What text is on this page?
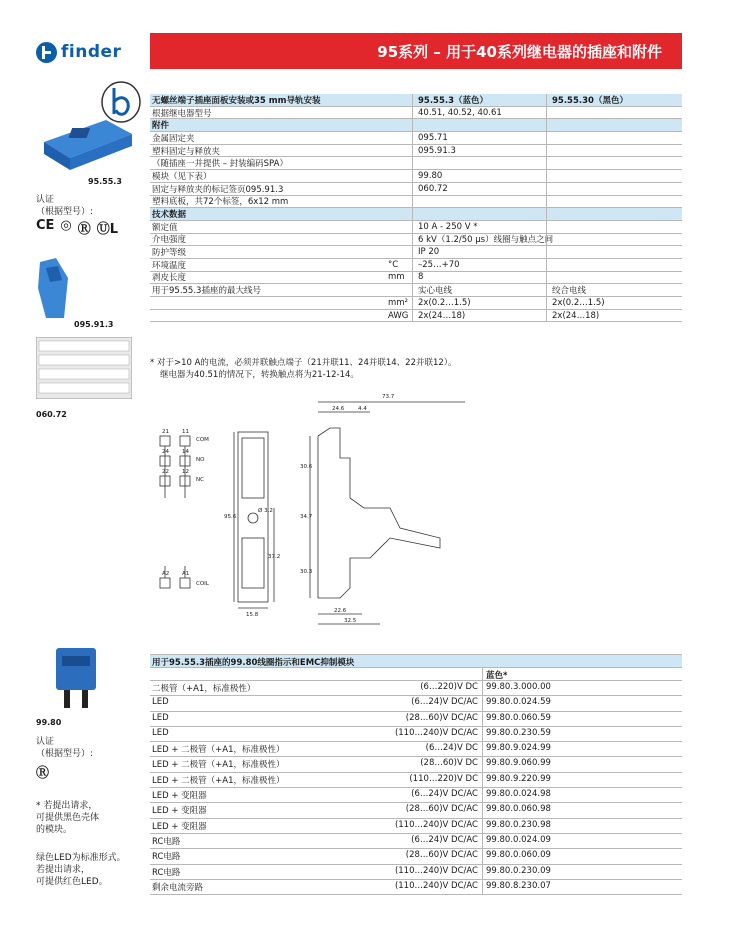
finder	95系列 – 用于40系列继电器的插座和附件
95.55.3
认证
（根据型号）:
CE ◎ Ⓡ ⓊL
095.91.3
060.72
99.80
认证
（根据型号）:
Ⓡ
* 若提出请求，
可提供黑色壳体
的模块。
绿色LED为标准形式。
若提出请求，
可提供红色LED。
无螺丝端子插座面板安装或35 mm导轨安装	95.55.3（蓝色）	95.55.30（黑色）
根据继电器型号	40.51, 40.52, 40.61
附件
金属固定夹	095.71
塑料固定与释放夹	095.91.3
（随插座一并提供 – 封装编码SPA）
模块（见下表）	99.80
固定与释放夹的标记签页095.91.3	060.72
塑料底板，共72个标签，6x12 mm
技术数据
额定值	10 A - 250 V *
介电强度	6 kV（1.2/50 μs）线圈与触点之间
防护等级	IP 20
环境温度	°C –25…+70
剥皮长度	mm 8
用于95.55.3插座的最大线号	实心电线	绞合电线
mm² 2x(0.2…1.5)	2x(0.2…1.5)
AWG 2x(24…18)	2x(24…18)
* 对于>10 A的电流，必须并联触点端子（21并联11、24并联14、22并联12）。
继电器为40.51的情况下，转换触点将为21-12-14。
21 11
COM
24 14
NO
22 12
NC
A2 A1
COIL
73.7
24.6	4.4
30.6
34.7
30.3
22.6
32.5
95.6
37.2
15.8
Ø 3.2
用于95.55.3插座的99.80线圈指示和EMC抑制模块
蓝色*
二极管（+A1，标准极性）	(6…220)V DC 99.80.3.000.00
LED	(6…24)V DC/AC 99.80.0.024.59
LED	(28…60)V DC/AC 99.80.0.060.59
LED	(110…240)V DC/AC 99.80.0.230.59
LED + 二极管（+A1，标准极性）	(6…24)V DC 99.80.9.024.99
LED + 二极管（+A1，标准极性）	(28…60)V DC 99.80.9.060.99
LED + 二极管（+A1，标准极性）	(110…220)V DC 99.80.9.220.99
LED + 变阻器	(6…24)V DC/AC 99.80.0.024.98
LED + 变阻器	(28…60)V DC/AC 99.80.0.060.98
LED + 变阻器	(110…240)V DC/AC 99.80.0.230.98
RC电路	(6…24)V DC/AC 99.80.0.024.09
RC电路	(28…60)V DC/AC 99.80.0.060.09
RC电路	(110…240)V DC/AC 99.80.0.230.09
剩余电流旁路	(110…240)V DC/AC 99.80.8.230.07
